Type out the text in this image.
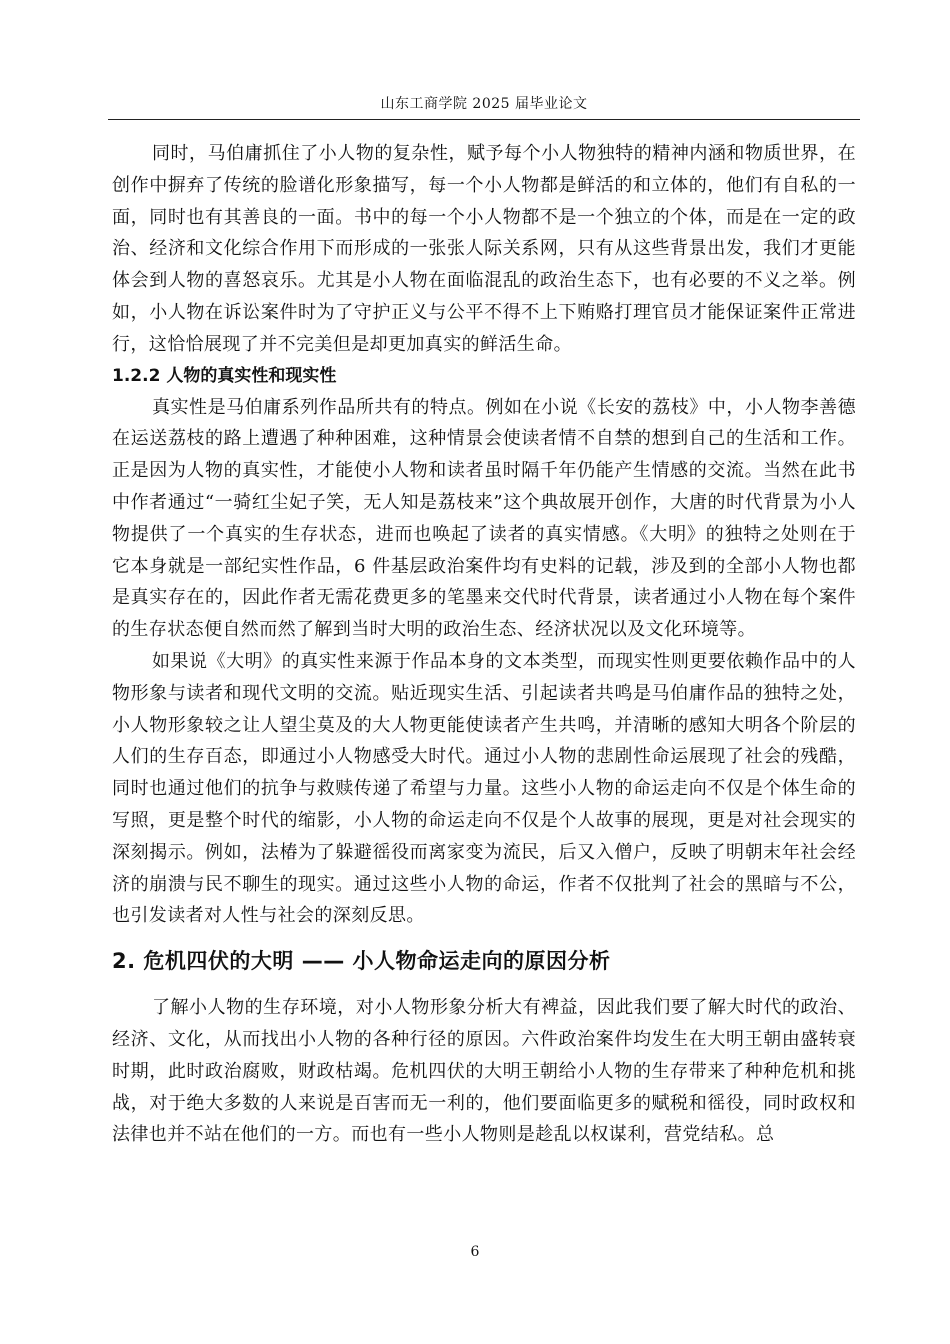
山东工商学院 2025 届毕业论文

同时，马伯庸抓住了小人物的复杂性，赋予每个小人物独特的精神内涵和物质世界，在创作中摒弃了传统的脸谱化形象描写，每一个小人物都是鲜活的和立体的，他们有自私的一面，同时也有其善良的一面。书中的每一个小人物都不是一个独立的个体，而是在一定的政治、经济和文化综合作用下而形成的一张张人际关系网，只有从这些背景出发，我们才更能体会到人物的喜怒哀乐。尤其是小人物在面临混乱的政治生态下，也有必要的不义之举。例如，小人物在诉讼案件时为了守护正义与公平不得不上下贿赂打理官员才能保证案件正常进行，这恰恰展现了并不完美但是却更加真实的鲜活生命。

1.2.2 人物的真实性和现实性

真实性是马伯庸系列作品所共有的特点。例如在小说《长安的荔枝》中，小人物李善德在运送荔枝的路上遭遇了种种困难，这种情景会使读者情不自禁的想到自己的生活和工作。正是因为人物的真实性，才能使小人物和读者虽时隔千年仍能产生情感的交流。当然在此书中作者通过“一骑红尘妃子笑，无人知是荔枝来”这个典故展开创作，大唐的时代背景为小人物提供了一个真实的生存状态，进而也唤起了读者的真实情感。《大明》的独特之处则在于它本身就是一部纪实性作品，6 件基层政治案件均有史料的记载，涉及到的全部小人物也都是真实存在的，因此作者无需花费更多的笔墨来交代时代背景，读者通过小人物在每个案件的生存状态便自然而然了解到当时大明的政治生态、经济状况以及文化环境等。

如果说《大明》的真实性来源于作品本身的文本类型，而现实性则更要依赖作品中的人物形象与读者和现代文明的交流。贴近现实生活、引起读者共鸣是马伯庸作品的独特之处，小人物形象较之让人望尘莫及的大人物更能使读者产生共鸣，并清晰的感知大明各个阶层的人们的生存百态，即通过小人物感受大时代。通过小人物的悲剧性命运展现了社会的残酷，同时也通过他们的抗争与救赎传递了希望与力量。这些小人物的命运走向不仅是个体生命的写照，更是整个时代的缩影，小人物的命运走向不仅是个人故事的展现，更是对社会现实的深刻揭示。例如，法椿为了躲避徭役而离家变为流民，后又入僧户，反映了明朝末年社会经济的崩溃与民不聊生的现实。通过这些小人物的命运，作者不仅批判了社会的黑暗与不公，也引发读者对人性与社会的深刻反思。

2. 危机四伏的大明 —— 小人物命运走向的原因分析

了解小人物的生存环境，对小人物形象分析大有裨益，因此我们要了解大时代的政治、经济、文化，从而找出小人物的各种行径的原因。六件政治案件均发生在大明王朝由盛转衰时期，此时政治腐败，财政枯竭。危机四伏的大明王朝给小人物的生存带来了种种危机和挑战，对于绝大多数的人来说是百害而无一利的，他们要面临更多的赋税和徭役，同时政权和法律也并不站在他们的一方。而也有一些小人物则是趁乱以权谋利，营党结私。总

6
